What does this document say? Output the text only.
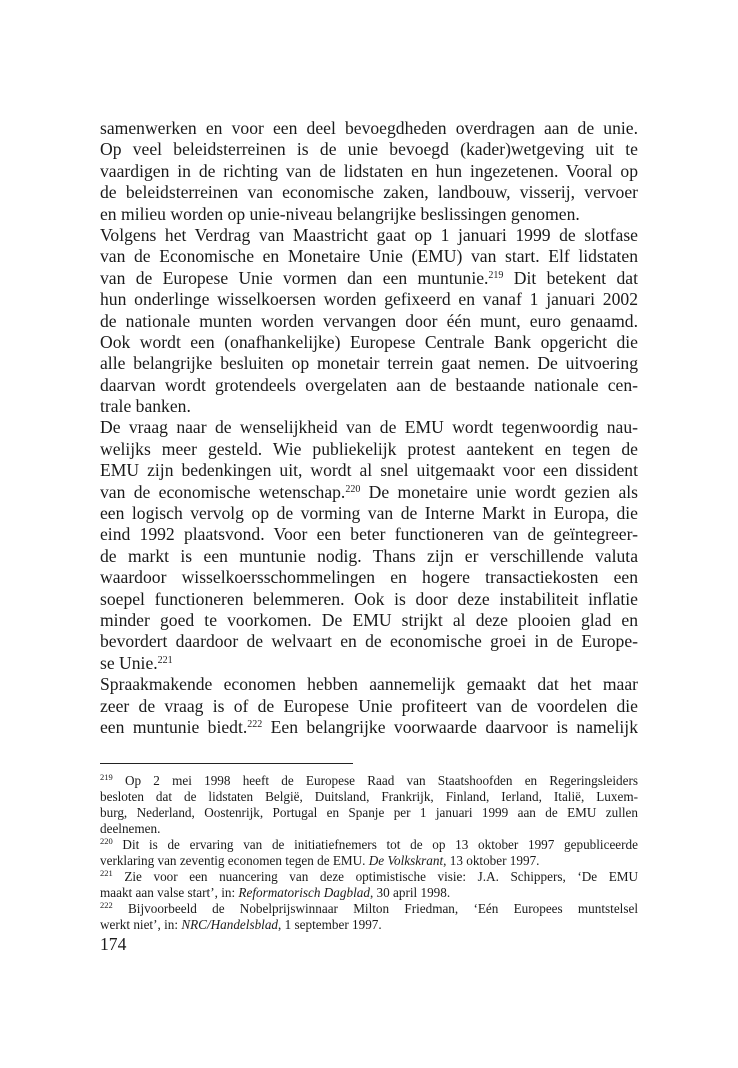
samenwerken en voor een deel bevoegdheden overdragen aan de unie.
Op veel beleidsterreinen is de unie bevoegd (kader)wetgeving uit te
vaardigen in de richting van de lidstaten en hun ingezetenen. Vooral op
de beleidsterreinen van economische zaken, landbouw, visserij, vervoer
en milieu worden op unie-niveau belangrijke beslissingen genomen.
Volgens het Verdrag van Maastricht gaat op 1 januari 1999 de slotfase
van de Economische en Monetaire Unie (EMU) van start. Elf lidstaten
van de Europese Unie vormen dan een muntunie.$^{219}$ Dit betekent dat
hun onderlinge wisselkoersen worden gefixeerd en vanaf 1 januari 2002
de nationale munten worden vervangen door één munt, euro genaamd.
Ook wordt een (onafhankelijke) Europese Centrale Bank opgericht die
alle belangrijke besluiten op monetair terrein gaat nemen. De uitvoering
daarvan wordt grotendeels overgelaten aan de bestaande nationale cen-
trale banken.
De vraag naar de wenselijkheid van de EMU wordt tegenwoordig nau-
welijks meer gesteld. Wie publiekelijk protest aantekent en tegen de
EMU zijn bedenkingen uit, wordt al snel uitgemaakt voor een dissident
van de economische wetenschap.$^{220}$ De monetaire unie wordt gezien als
een logisch vervolg op de vorming van de Interne Markt in Europa, die
eind 1992 plaatsvond. Voor een beter functioneren van de geïntegreer-
de markt is een muntunie nodig. Thans zijn er verschillende valuta
waardoor wisselkoersschommelingen en hogere transactiekosten een
soepel functioneren belemmeren. Ook is door deze instabiliteit inflatie
minder goed te voorkomen. De EMU strijkt al deze plooien glad en
bevordert daardoor de welvaart en de economische groei in de Europe-
se Unie.$^{221}$
Spraakmakende economen hebben aannemelijk gemaakt dat het maar
zeer de vraag is of de Europese Unie profiteert van de voordelen die
een muntunie biedt.$^{222}$ Een belangrijke voorwaarde daarvoor is namelijk
$^{219}$ Op 2 mei 1998 heeft de Europese Raad van Staatshoofden en Regeringsleiders
besloten dat de lidstaten België, Duitsland, Frankrijk, Finland, Ierland, Italië, Luxem-
burg, Nederland, Oostenrijk, Portugal en Spanje per 1 januari 1999 aan de EMU zullen
deelnemen.
$^{220}$ Dit is de ervaring van de initiatiefnemers tot de op 13 oktober 1997 gepubliceerde
verklaring van zeventig economen tegen de EMU. De Volkskrant, 13 oktober 1997.
$^{221}$ Zie voor een nuancering van deze optimistische visie: J.A. Schippers, ‘De EMU
maakt aan valse start’, in: Reformatorisch Dagblad, 30 april 1998.
$^{222}$ Bijvoorbeeld de Nobelprijswinnaar Milton Friedman, ‘Eén Europees muntstelsel
werkt niet’, in: NRC/Handelsblad, 1 september 1997.
174
